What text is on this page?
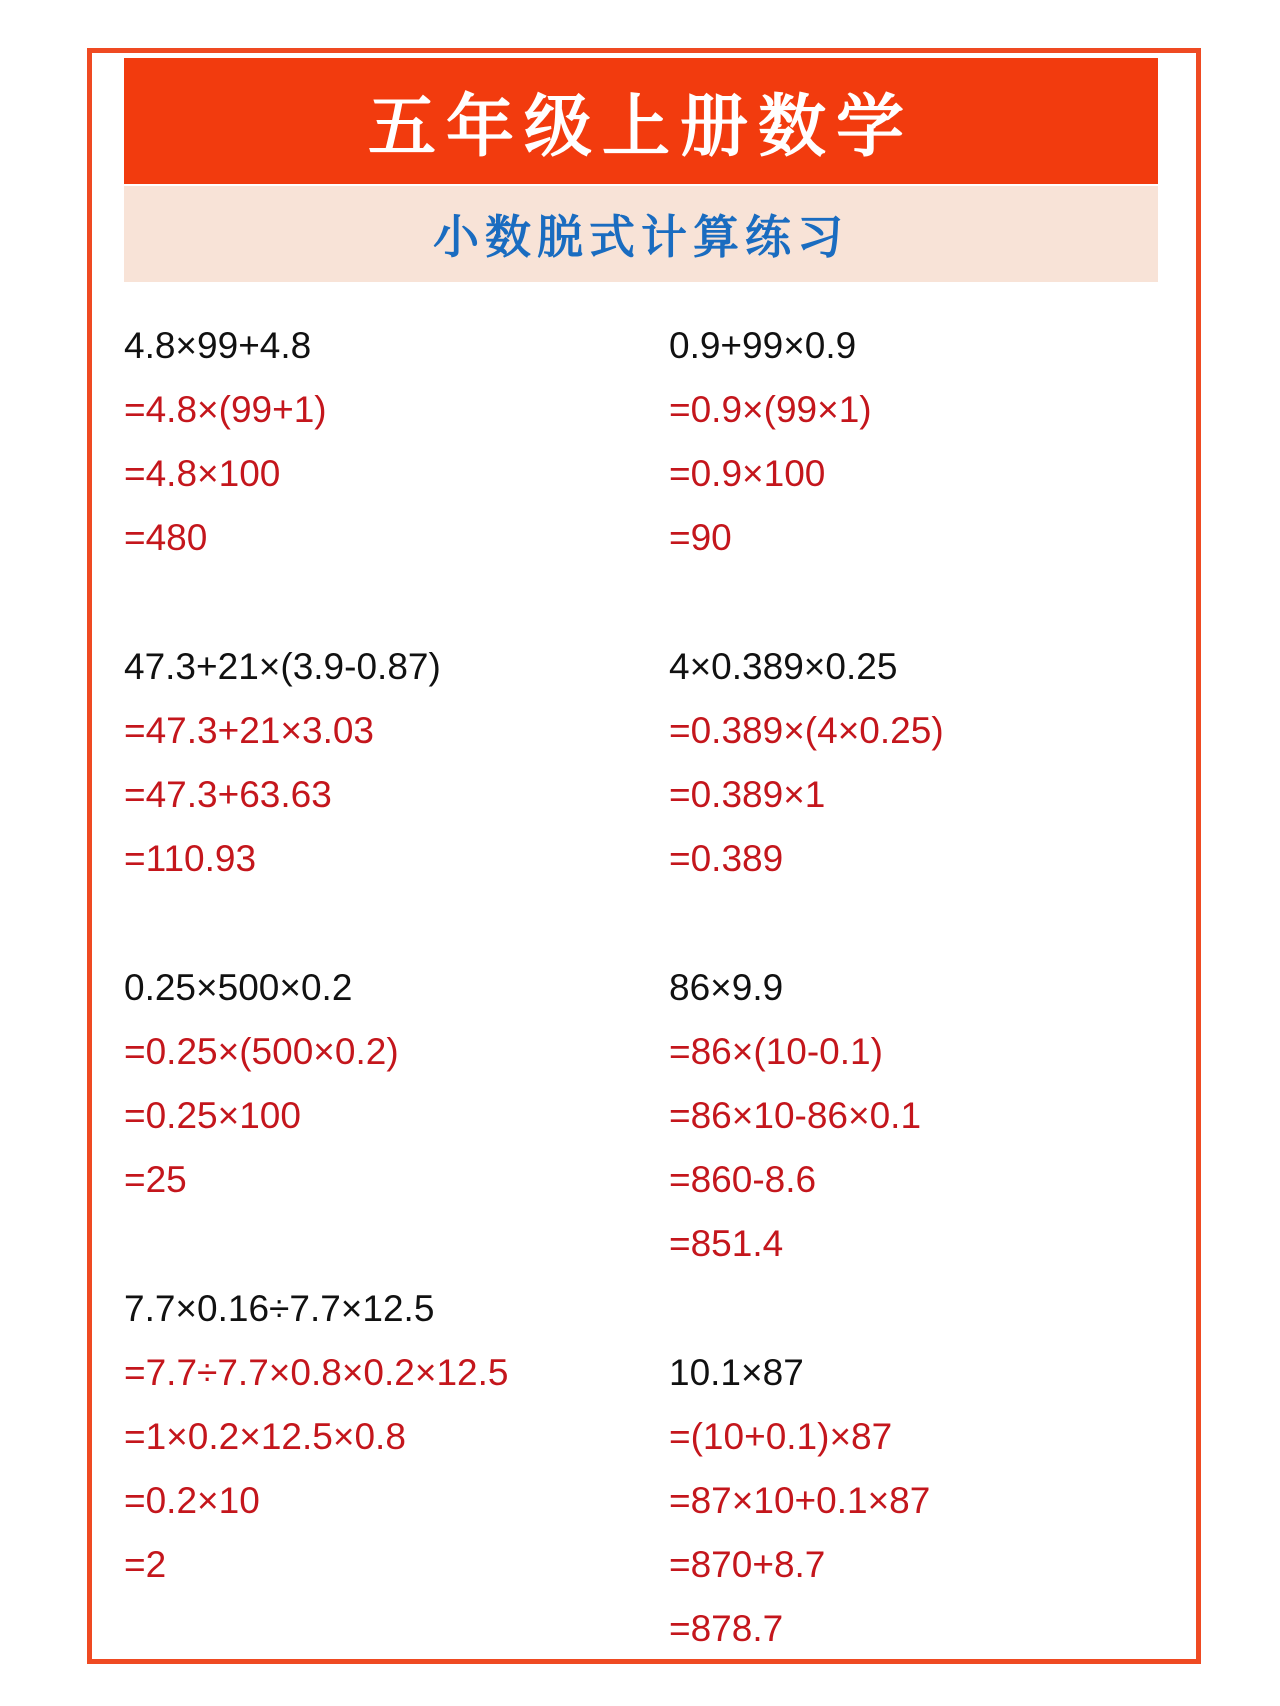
五年级上册数学
小数脱式计算练习
4.8×99+4.8
=4.8×(99+1)
=4.8×100
=480
0.9+99×0.9
=0.9×(99×1)
=0.9×100
=90
47.3+21×(3.9-0.87)
=47.3+21×3.03
=47.3+63.63
=110.93
4×0.389×0.25
=0.389×(4×0.25)
=0.389×1
=0.389
0.25×500×0.2
=0.25×(500×0.2)
=0.25×100
=25
86×9.9
=86×(10-0.1)
=86×10-86×0.1
=860-8.6
=851.4
7.7×0.16÷7.7×12.5
=7.7÷7.7×0.8×0.2×12.5
=1×0.2×12.5×0.8
=0.2×10
=2
10.1×87
=(10+0.1)×87
=87×10+0.1×87
=870+8.7
=878.7
